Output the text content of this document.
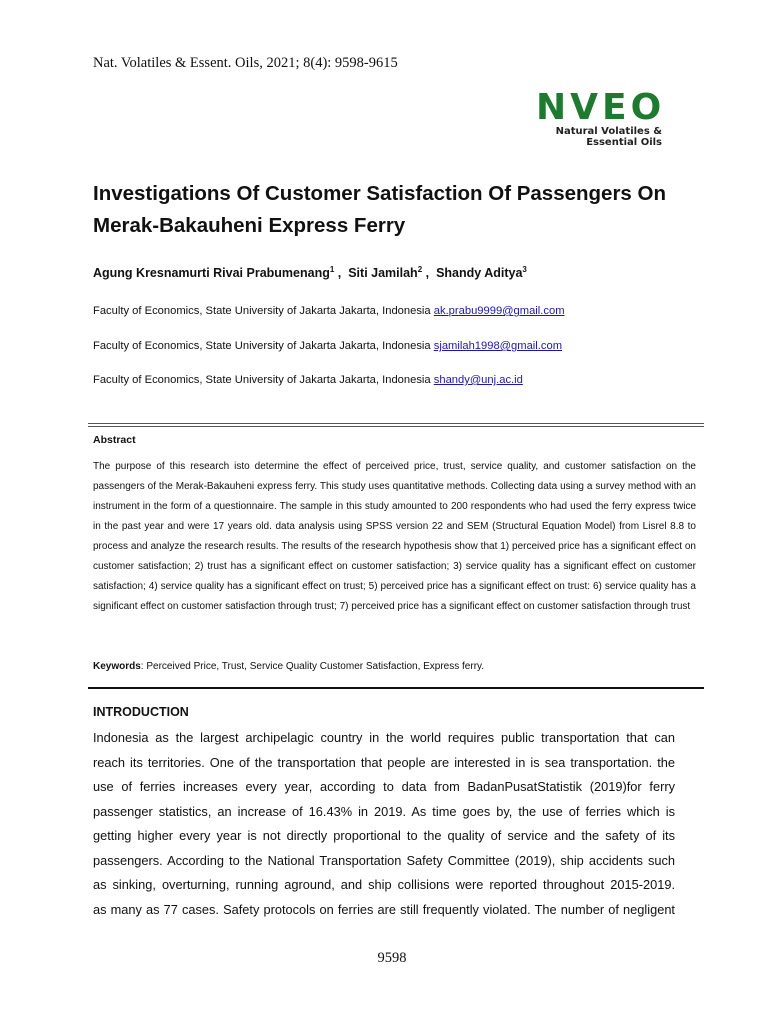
Nat. Volatiles & Essent. Oils, 2021; 8(4): 9598-9615
NVEO
Natural Volatiles &
Essential Oils
Investigations Of Customer Satisfaction Of Passengers On
Merak-Bakauheni Express Ferry
Agung Kresnamurti Rivai Prabumenang$^1$ ,  Siti Jamilah$^2$ ,  Shandy Aditya$^3$
Faculty of Economics, State University of Jakarta Jakarta, Indonesia ak.prabu9999@gmail.com
Faculty of Economics, State University of Jakarta Jakarta, Indonesia sjamilah1998@gmail.com
Faculty of Economics, State University of Jakarta Jakarta, Indonesia shandy@unj.ac.id
Abstract
The purpose of this research isto determine the effect of perceived price, trust, service quality, and customer satisfaction on the passengers of the Merak-Bakauheni express ferry. This study uses quantitative methods. Collecting data using a survey method with an instrument in the form of a questionnaire. The sample in this study amounted to 200 respondents who had used the ferry express twice in the past year and were 17 years old. data analysis using SPSS version 22 and SEM (Structural Equation Model) from Lisrel 8.8 to process and analyze the research results. The results of the research hypothesis show that 1) perceived price has a significant effect on customer satisfaction; 2) trust has a significant effect on customer satisfaction; 3) service quality has a significant effect on customer satisfaction; 4) service quality has a significant effect on trust; 5) perceived price has a significant effect on trust: 6) service quality has a significant effect on customer satisfaction through trust; 7) perceived price has a significant effect on customer satisfaction through trust
Keywords: Perceived Price, Trust, Service Quality Customer Satisfaction, Express ferry.
INTRODUCTION
Indonesia as the largest archipelagic country in the world requires public transportation that can
reach its territories. One of the transportation that people are interested in is sea transportation. the
use of ferries increases every year, according to data from BadanPusatStatistik (2019)for ferry
passenger statistics, an increase of 16.43% in 2019. As time goes by, the use of ferries which is
getting higher every year is not directly proportional to the quality of service and the safety of its
passengers. According to the National Transportation Safety Committee (2019), ship accidents such
as sinking, overturning, running aground, and ship collisions were reported throughout 2015-2019.
as many as 77 cases. Safety protocols on ferries are still frequently violated. The number of negligent
9598
